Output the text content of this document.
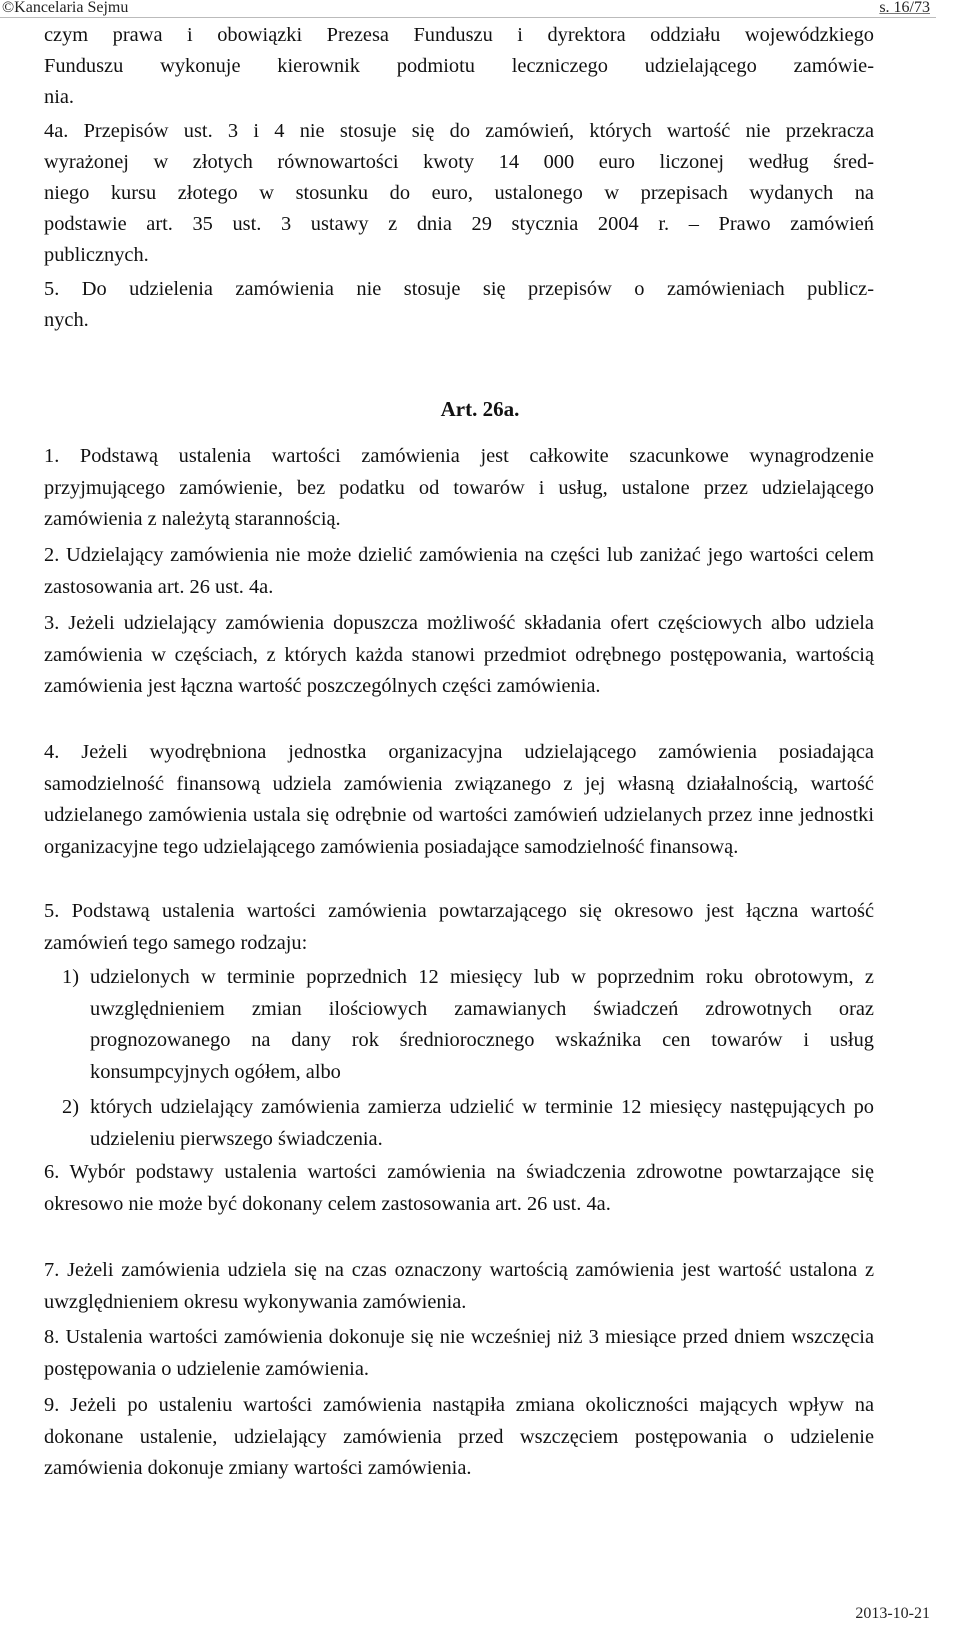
©Kancelaria Sejmu	s. 16/73
czym prawa i obowiązki Prezesa Funduszu i dyrektora oddziału wojewódzkiego
Funduszu wykonuje kierownik podmiotu leczniczego udzielającego zamówie-
nia.
4a. Przepisów ust. 3 i 4 nie stosuje się do zamówień, których wartość nie przekracza
wyrażonej w złotych równowartości kwoty 14 000 euro liczonej według śred-
niego kursu złotego w stosunku do euro, ustalonego w przepisach wydanych na
podstawie art. 35 ust. 3 ustawy z dnia 29 stycznia 2004 r. – Prawo zamówień
publicznych.
5. Do udzielenia zamówienia nie stosuje się przepisów o zamówieniach publicz-
nych.
Art. 26a.
1. Podstawą ustalenia wartości zamówienia jest całkowite szacunkowe wynagrodzenie przyjmującego zamówienie, bez podatku od towarów i usług, ustalone przez udzielającego zamówienia z należytą starannością.
2. Udzielający zamówienia nie może dzielić zamówienia na części lub zaniżać jego wartości celem zastosowania art. 26 ust. 4a.
3. Jeżeli udzielający zamówienia dopuszcza możliwość składania ofert częściowych albo udziela zamówienia w częściach, z których każda stanowi przedmiot odrębnego postępowania, wartością zamówienia jest łączna wartość poszczególnych części zamówienia.
4. Jeżeli wyodrębniona jednostka organizacyjna udzielającego zamówienia posiadająca samodzielność finansową udziela zamówienia związanego z jej własną działalnością, wartość udzielanego zamówienia ustala się odrębnie od wartości zamówień udzielanych przez inne jednostki organizacyjne tego udzielającego zamówienia posiadające samodzielność finansową.
5. Podstawą ustalenia wartości zamówienia powtarzającego się okresowo jest łączna wartość zamówień tego samego rodzaju:
1) udzielonych w terminie poprzednich 12 miesięcy lub w poprzednim roku obrotowym, z uwzględnieniem zmian ilościowych zamawianych świadczeń zdrowotnych oraz prognozowanego na dany rok średniorocznego wskaźnika cen towarów i usług konsumpcyjnych ogółem, albo
2) których udzielający zamówienia zamierza udzielić w terminie 12 miesięcy następujących po udzieleniu pierwszego świadczenia.
6. Wybór podstawy ustalenia wartości zamówienia na świadczenia zdrowotne powtarzające się okresowo nie może być dokonany celem zastosowania art. 26 ust. 4a.
7. Jeżeli zamówienia udziela się na czas oznaczony wartością zamówienia jest wartość ustalona z uwzględnieniem okresu wykonywania zamówienia.
8. Ustalenia wartości zamówienia dokonuje się nie wcześniej niż 3 miesiące przed dniem wszczęcia postępowania o udzielenie zamówienia.
9. Jeżeli po ustaleniu wartości zamówienia nastąpiła zmiana okoliczności mających wpływ na dokonane ustalenie, udzielający zamówienia przed wszczęciem postępowania o udzielenie zamówienia dokonuje zmiany wartości zamówienia.
2013-10-21
